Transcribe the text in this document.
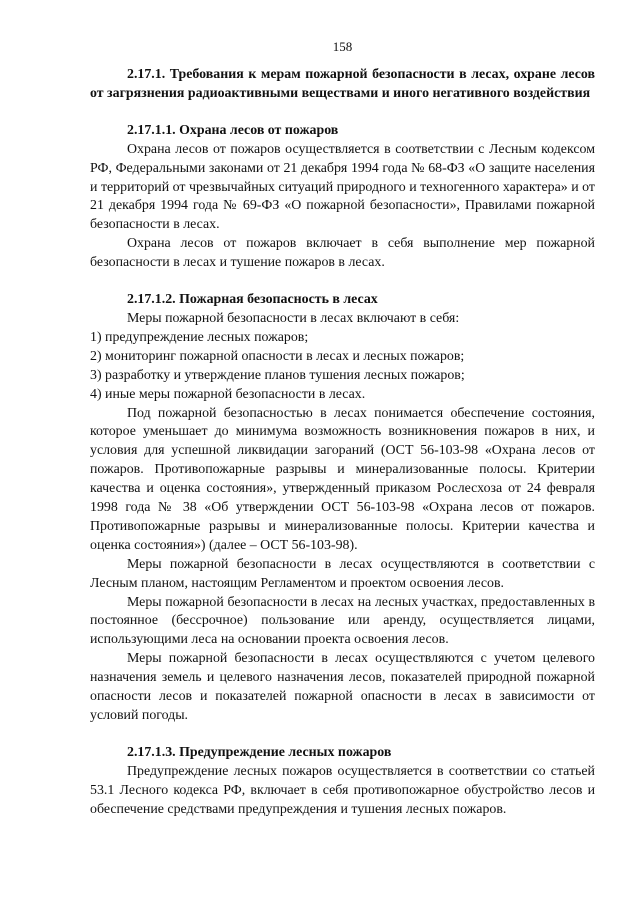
158

2.17.1. Требования к мерам пожарной безопасности в лесах, охране лесов от загрязнения радиоактивными веществами и иного негативного воздействия

2.17.1.1. Охрана лесов от пожаров

Охрана лесов от пожаров осуществляется в соответствии с Лесным кодексом РФ, Федеральными законами от 21 декабря 1994 года № 68-ФЗ «О защите населения и территорий от чрезвычайных ситуаций природного и техногенного характера» и от 21 декабря 1994 года № 69-ФЗ «О пожарной безопасности», Правилами пожарной безопасности в лесах.

Охрана лесов от пожаров включает в себя выполнение мер пожарной безопасности в лесах и тушение пожаров в лесах.

2.17.1.2. Пожарная безопасность в лесах

Меры пожарной безопасности в лесах включают в себя:

1) предупреждение лесных пожаров;
2) мониторинг пожарной опасности в лесах и лесных пожаров;
3) разработку и утверждение планов тушения лесных пожаров;
4) иные меры пожарной безопасности в лесах.

Под пожарной безопасностью в лесах понимается обеспечение состояния, которое уменьшает до минимума возможность возникновения пожаров в них, и условия для успешной ликвидации загораний (ОСТ 56-103-98 «Охрана лесов от пожаров. Противопожарные разрывы и минерализованные полосы. Критерии качества и оценка состояния», утвержденный приказом Рослесхоза от 24 февраля 1998 года № 38 «Об утверждении ОСТ 56-103-98 «Охрана лесов от пожаров. Противопожарные разрывы и минерализованные полосы. Критерии качества и оценка состояния») (далее – ОСТ 56-103-98).

Меры пожарной безопасности в лесах осуществляются в соответствии с Лесным планом, настоящим Регламентом и проектом освоения лесов.

Меры пожарной безопасности в лесах на лесных участках, предоставленных в постоянное (бессрочное) пользование или аренду, осуществляется лицами, использующими леса на основании проекта освоения лесов.

Меры пожарной безопасности в лесах осуществляются с учетом целевого назначения земель и целевого назначения лесов, показателей природной пожарной опасности лесов и показателей пожарной опасности в лесах в зависимости от условий погоды.

2.17.1.3. Предупреждение лесных пожаров

Предупреждение лесных пожаров осуществляется в соответствии со статьей 53.1 Лесного кодекса РФ, включает в себя противопожарное обустройство лесов и обеспечение средствами предупреждения и тушения лесных пожаров.
